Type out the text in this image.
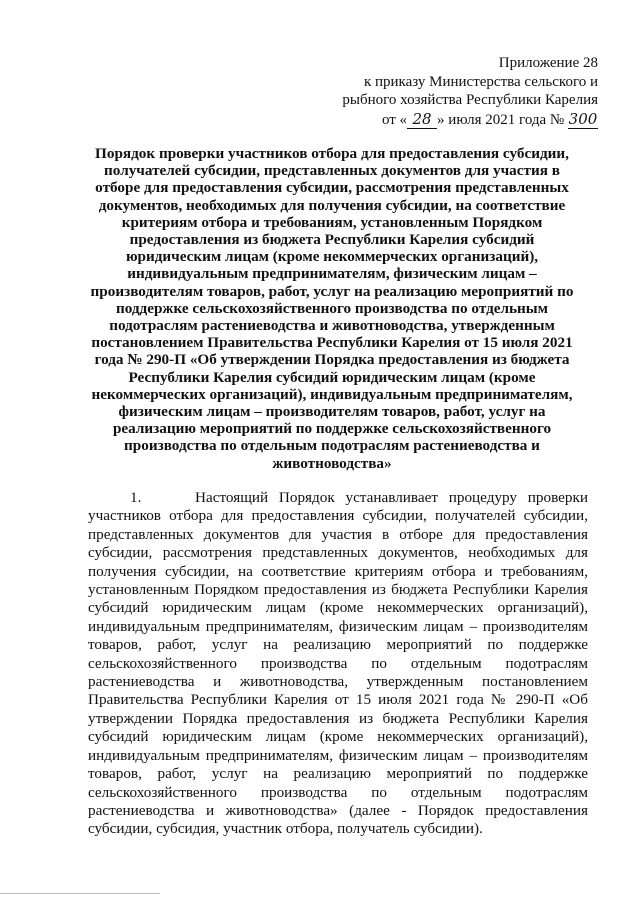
Приложение 28
к приказу Министерства сельского и
рыбного хозяйства Республики Карелия
от « 28 » июля 2021 года № 300
Порядок проверки участников отбора для предоставления субсидии, получателей субсидии, представленных документов для участия в отборе для предоставления субсидии, рассмотрения представленных документов, необходимых для получения субсидии, на соответствие критериям отбора и требованиям, установленным Порядком предоставления из бюджета Республики Карелия субсидий юридическим лицам (кроме некоммерческих организаций), индивидуальным предпринимателям, физическим лицам – производителям товаров, работ, услуг на реализацию мероприятий по поддержке сельскохозяйственного производства по отдельным подотраслям растениеводства и животноводства, утвержденным постановлением Правительства Республики Карелия от 15 июля 2021 года № 290-П «Об утверждении Порядка предоставления из бюджета Республики Карелия субсидий юридическим лицам (кроме некоммерческих организаций), индивидуальным предпринимателям, физическим лицам – производителям товаров, работ, услуг на реализацию мероприятий по поддержке сельскохозяйственного производства по отдельным подотраслям растениеводства и животноводства»
1.     Настоящий Порядок устанавливает процедуру проверки участников отбора для предоставления субсидии, получателей субсидии, представленных документов для участия в отборе для предоставления субсидии, рассмотрения представленных документов, необходимых для получения субсидии, на соответствие критериям отбора и требованиям, установленным Порядком предоставления из бюджета Республики Карелия субсидий юридическим лицам (кроме некоммерческих организаций), индивидуальным предпринимателям, физическим лицам – производителям товаров, работ, услуг на реализацию мероприятий по поддержке сельскохозяйственного производства по отдельным подотраслям растениеводства и животноводства, утвержденным постановлением Правительства Республики Карелия от 15 июля 2021 года № 290-П «Об утверждении Порядка предоставления из бюджета Республики Карелия субсидий юридическим лицам (кроме некоммерческих организаций), индивидуальным предпринимателям, физическим лицам – производителям товаров, работ, услуг на реализацию мероприятий по поддержке сельскохозяйственного производства по отдельным подотраслям растениеводства и животноводства» (далее - Порядок предоставления субсидии, субсидия, участник отбора, получатель субсидии).
